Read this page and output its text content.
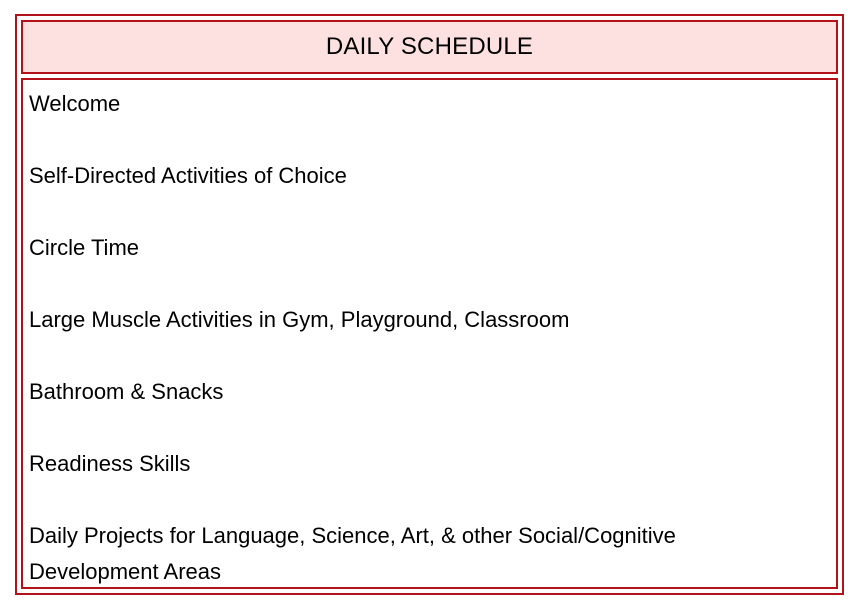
DAILY SCHEDULE
Welcome
Self-Directed Activities of Choice
Circle Time
Large Muscle Activities in Gym, Playground, Classroom
Bathroom & Snacks
Readiness Skills
Daily Projects for Language, Science, Art, & other Social/Cognitive Development Areas
